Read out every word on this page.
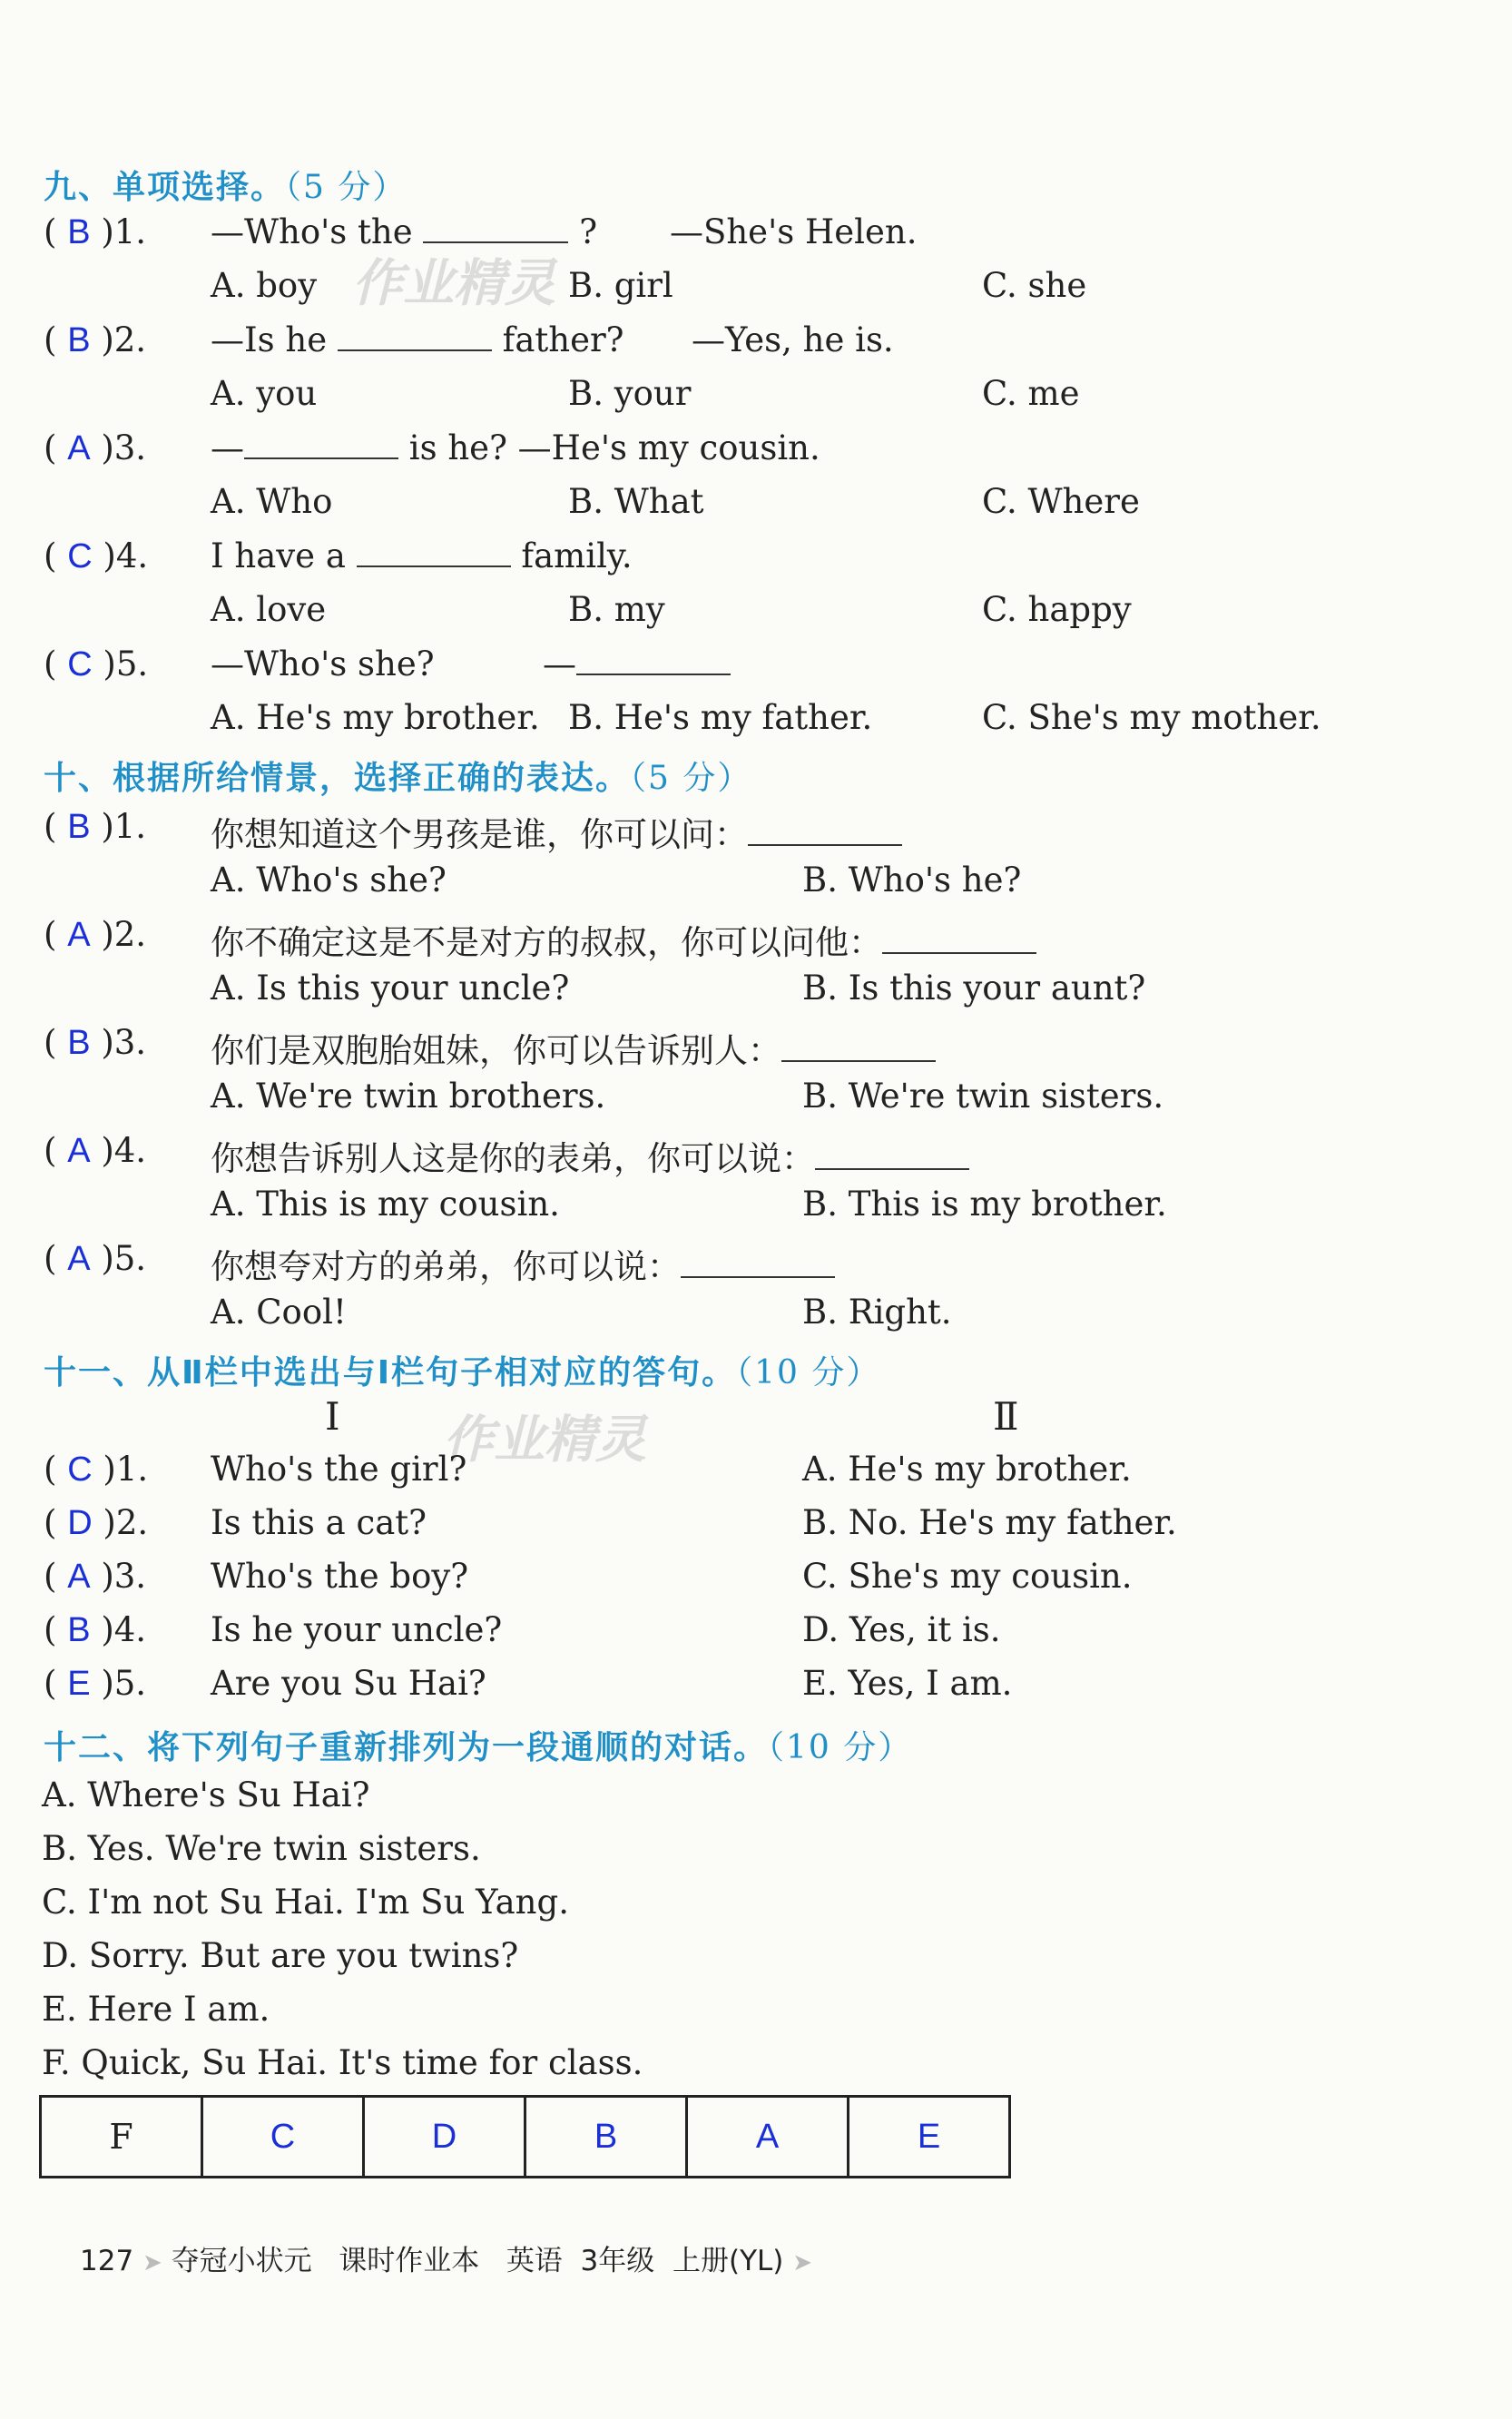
九、单项选择。（5 分）
( B )1. —Who's the	? —She's Helen.
A. boy	B. girl	C. she
( B )2. —Is he	father? —Yes, he is.
A. you	B. your	C. me
( A )3. —	is he? —He's my cousin.
A. Who	B. What	C. Where
( C )4. I have a	family.
A. love	B. my	C. happy
( C )5. —Who's she?	—
A. He's my brother. B. He's my father.	C. She's my mother.
作业精灵
十、根据所给情景，选择正确的表达。（5 分）
( B )1. 你想知道这个男孩是谁，你可以问：
A. Who's she?	B. Who's he?
( A )2. 你不确定这是不是对方的叔叔，你可以问他：
A. Is this your uncle?	B. Is this your aunt?
( B )3. 你们是双胞胎姐妹，你可以告诉别人：
A. We're twin brothers.	B. We're twin sisters.
( A )4. 你想告诉别人这是你的表弟，你可以说：
A. This is my cousin.	B. This is my brother.
( A )5. 你想夸对方的弟弟，你可以说：
A. Cool!	B. Right.
十一、从Ⅱ栏中选出与Ⅰ栏句子相对应的答句。（10 分）
Ⅰ	Ⅱ
作业精灵
( C )1. Who's the girl?	A. He's my brother.
( D )2. Is this a cat?	B. No. He's my father.
( A )3. Who's the boy?	C. She's my cousin.
( B )4. Is he your uncle?	D. Yes, it is.
( E )5. Are you Su Hai?	E. Yes, I am.
十二、将下列句子重新排列为一段通顺的对话。（10 分）
A. Where's Su Hai?
B. Yes. We're twin sisters.
C. I'm not Su Hai. I'm Su Yang.
D. Sorry. But are you twins?
E. Here I am.
F. Quick, Su Hai. It's time for class.
F	C	D	B	A	E
127 ➤ 夺冠小状元 课时作业本 英语 3年级 上册(YL) ➤
